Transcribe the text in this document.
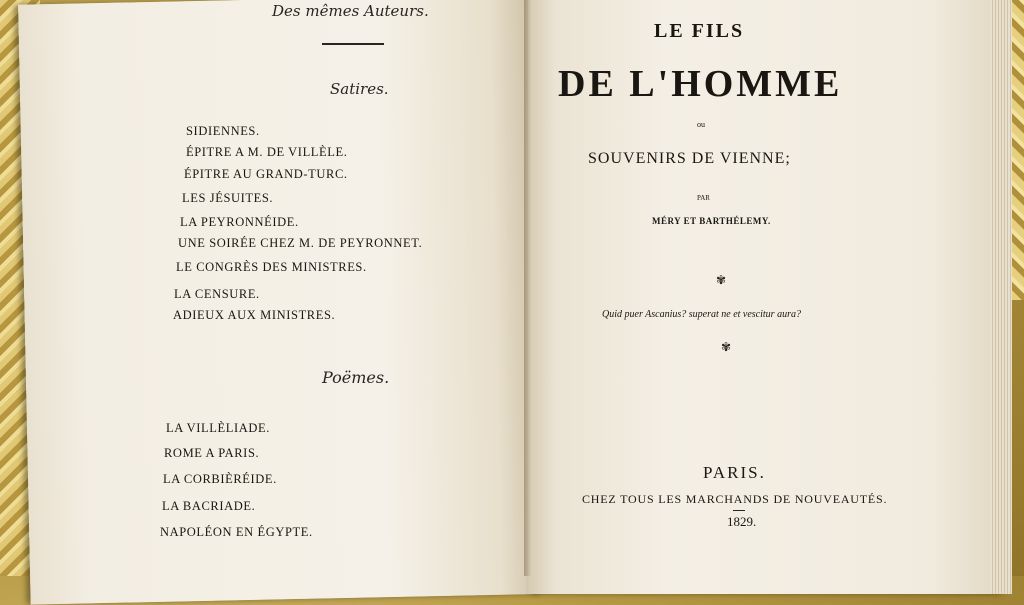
Des mêmes Auteurs.
Satires.
SIDIENNES.
ÉPITRE A M. DE VILLÈLE.
ÉPITRE AU GRAND-TURC.
LES JÉSUITES.
LA PEYRONNÉIDE.
UNE SOIRÉE CHEZ M. DE PEYRONNET.
LE CONGRÈS DES MINISTRES.
LA CENSURE.
ADIEUX AUX MINISTRES.
Poëmes.
LA VILLÈLIADE.
ROME A PARIS.
LA CORBIÈRÉIDE.
LA BACRIADE.
NAPOLÉON EN ÉGYPTE.
LE FILS
DE L'HOMME
ou
SOUVENIRS DE VIENNE;
PAR
MÉRY ET BARTHÉLEMY.
✾
Quid puer Ascanius? superat ne et vescitur aura?
✾
PARIS.
CHEZ TOUS LES MARCHANDS DE NOUVEAUTÉS.
1829.
